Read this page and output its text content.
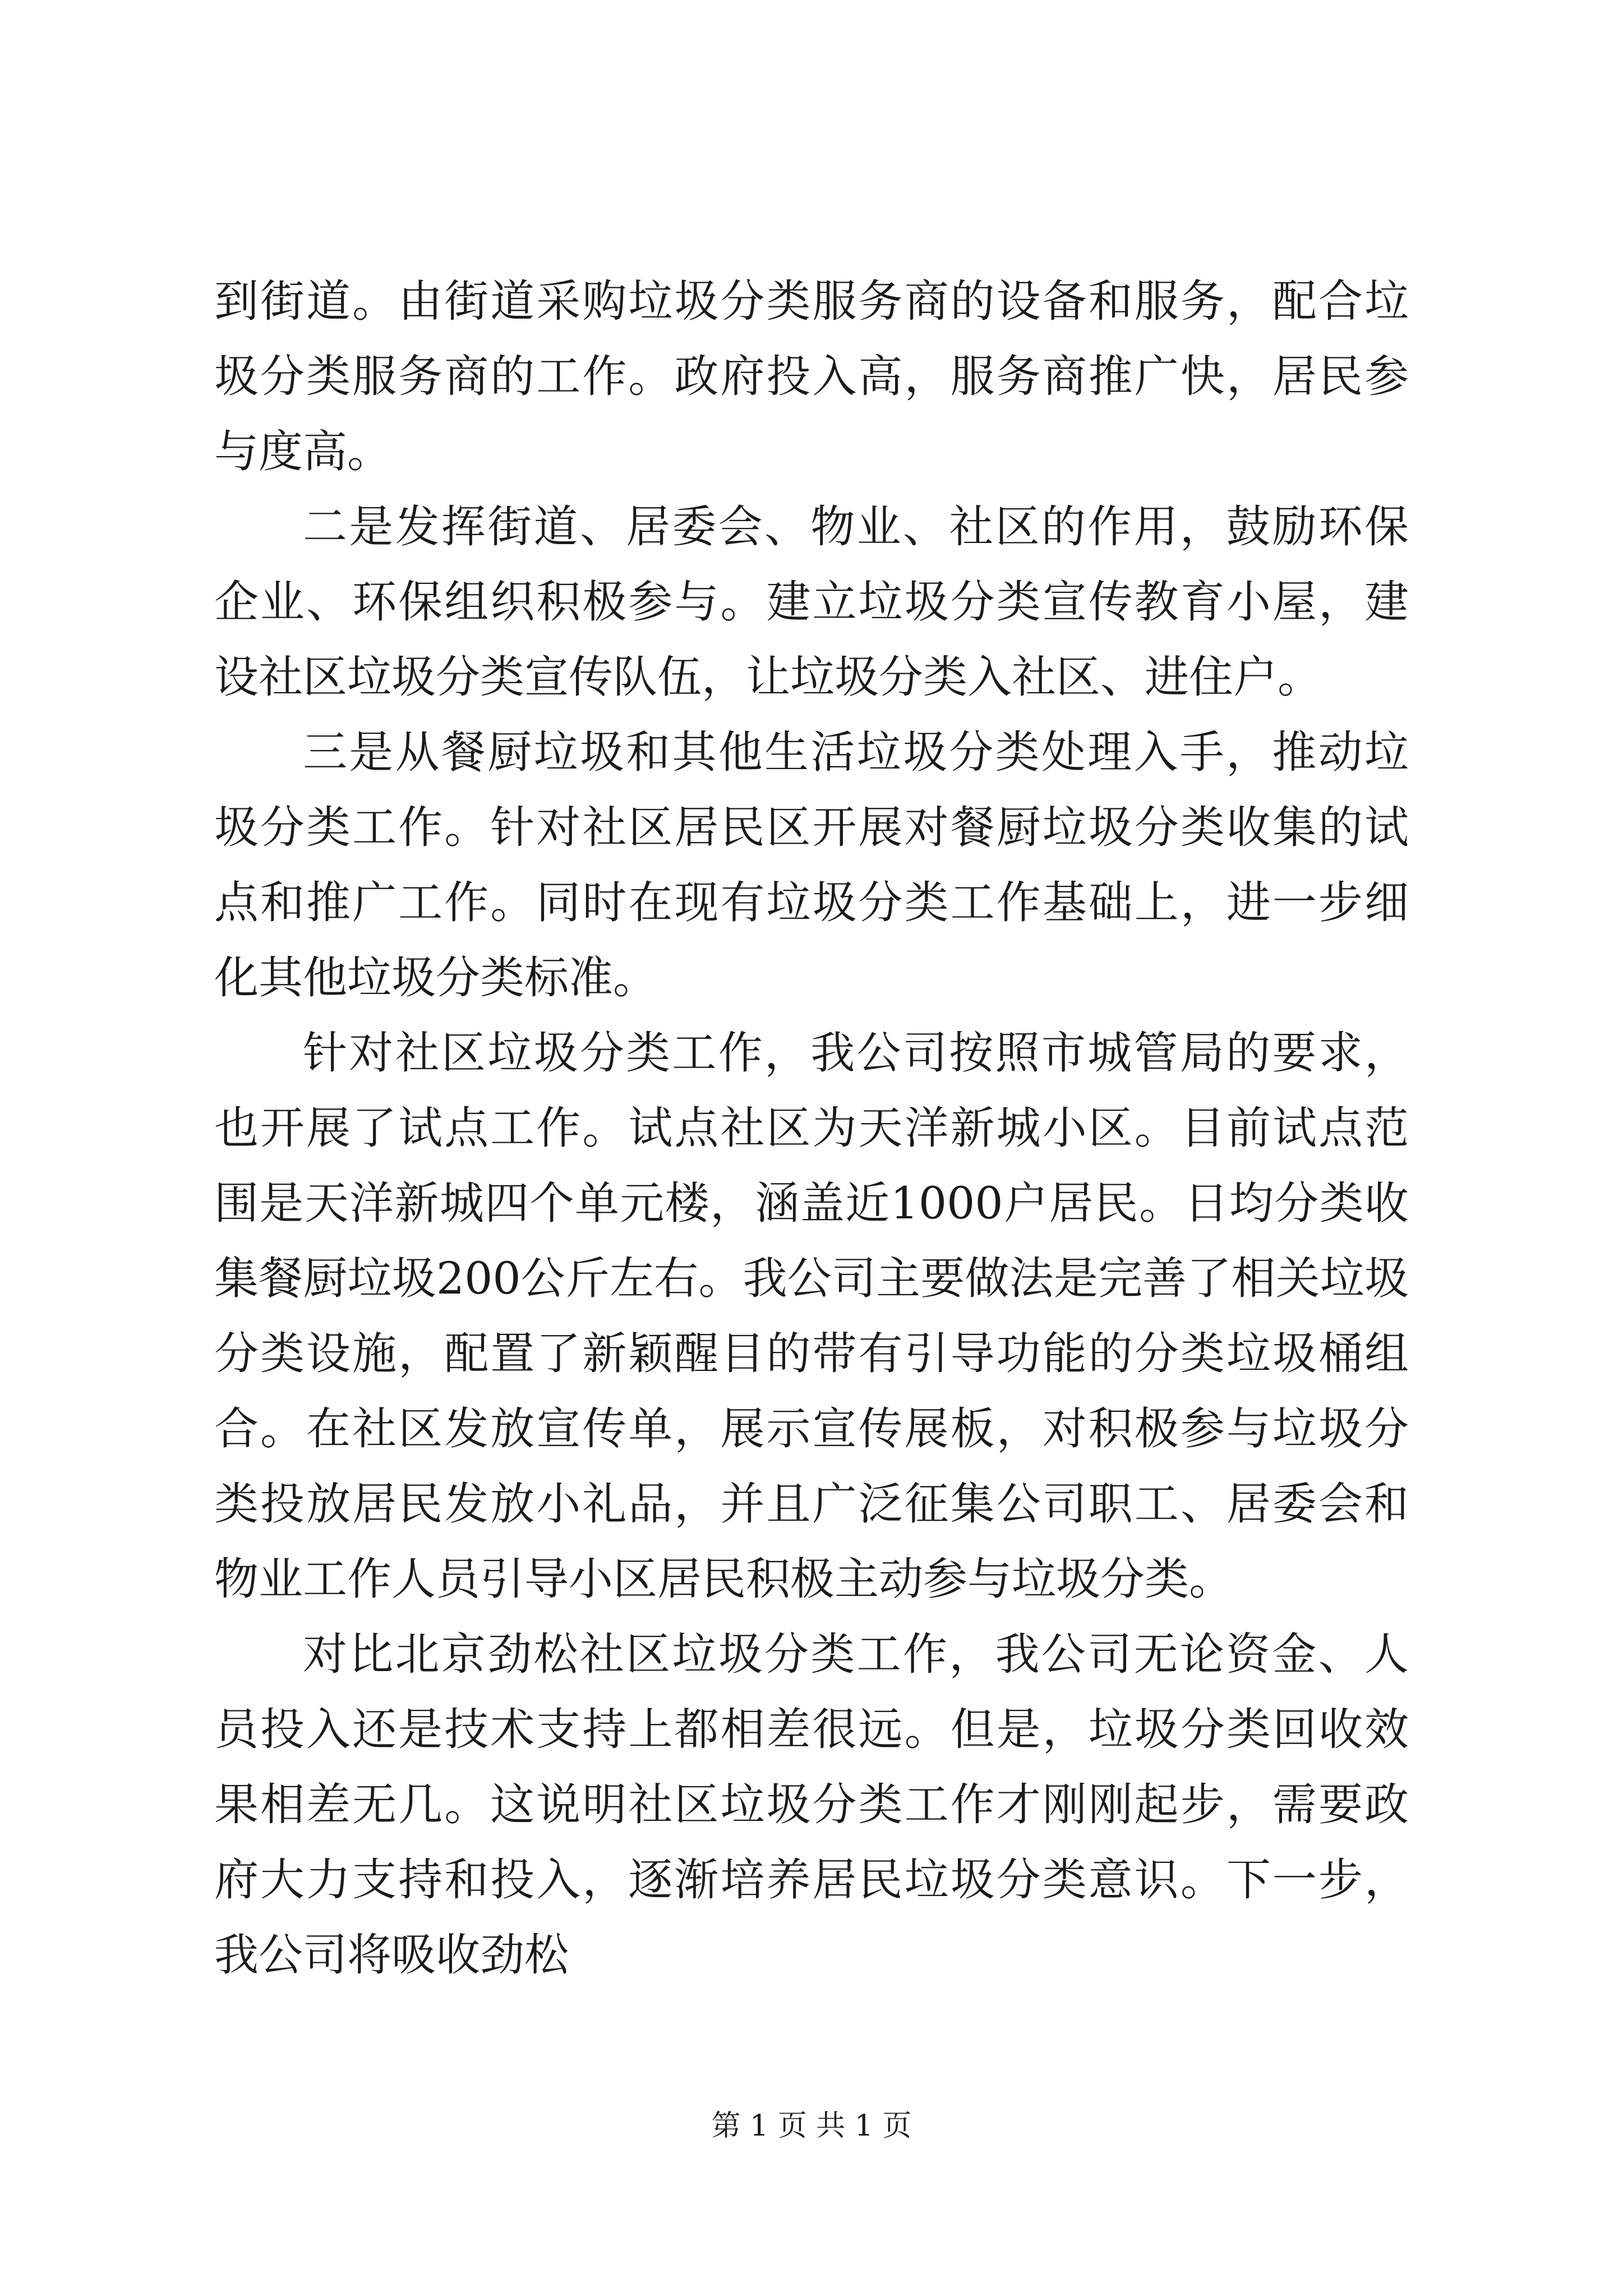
到街道。由街道采购垃圾分类服务商的设备和服务，配合垃圾分类服务商的工作。政府投入高，服务商推广快，居民参与度高。

二是发挥街道、居委会、物业、社区的作用，鼓励环保企业、环保组织积极参与。建立垃圾分类宣传教育小屋，建设社区垃圾分类宣传队伍，让垃圾分类入社区、进住户。

三是从餐厨垃圾和其他生活垃圾分类处理入手，推动垃圾分类工作。针对社区居民区开展对餐厨垃圾分类收集的试点和推广工作。同时在现有垃圾分类工作基础上，进一步细化其他垃圾分类标准。

针对社区垃圾分类工作，我公司按照市城管局的要求，也开展了试点工作。试点社区为天洋新城小区。目前试点范围是天洋新城四个单元楼，涵盖近1000户居民。日均分类收集餐厨垃圾200公斤左右。我公司主要做法是完善了相关垃圾分类设施，配置了新颖醒目的带有引导功能的分类垃圾桶组合。在社区发放宣传单，展示宣传展板，对积极参与垃圾分类投放居民发放小礼品，并且广泛征集公司职工、居委会和物业工作人员引导小区居民积极主动参与垃圾分类。

对比北京劲松社区垃圾分类工作，我公司无论资金、人员投入还是技术支持上都相差很远。但是，垃圾分类回收效果相差无几。这说明社区垃圾分类工作才刚刚起步，需要政府大力支持和投入，逐渐培养居民垃圾分类意识。下一步，我公司将吸收劲松

第 1 页 共 1 页
